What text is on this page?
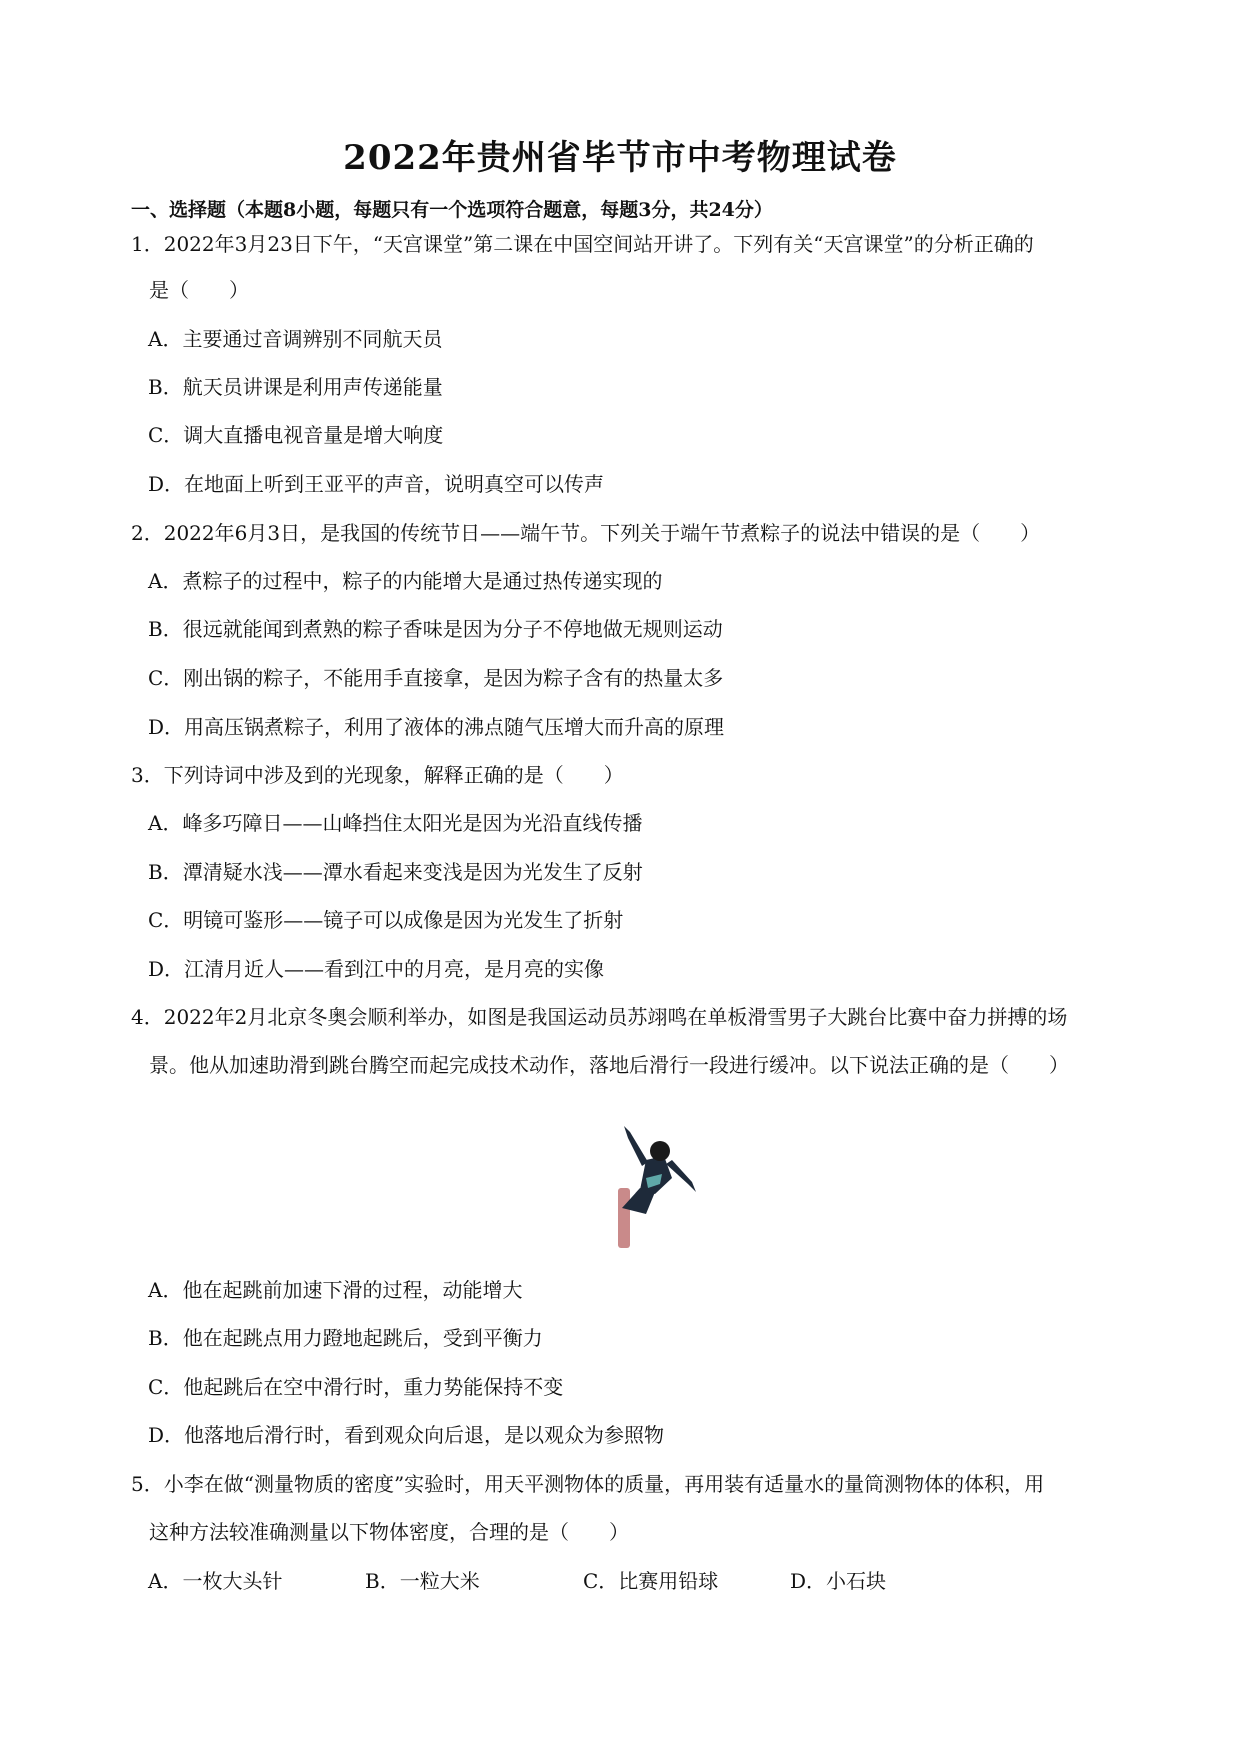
2022年贵州省毕节市中考物理试卷
一、选择题（本题8小题，每题只有一个选项符合题意，每题3分，共24分）
1．2022年3月23日下午，“天宫课堂”第二课在中国空间站开讲了。下列有关“天宫课堂”的分析正确的
是（　　）
A．主要通过音调辨别不同航天员
B．航天员讲课是利用声传递能量
C．调大直播电视音量是增大响度
D．在地面上听到王亚平的声音，说明真空可以传声
2．2022年6月3日，是我国的传统节日——端午节。下列关于端午节煮粽子的说法中错误的是（　　）
A．煮粽子的过程中，粽子的内能增大是通过热传递实现的
B．很远就能闻到煮熟的粽子香味是因为分子不停地做无规则运动
C．刚出锅的粽子，不能用手直接拿，是因为粽子含有的热量太多
D．用高压锅煮粽子，利用了液体的沸点随气压增大而升高的原理
3．下列诗词中涉及到的光现象，解释正确的是（　　）
A．峰多巧障日——山峰挡住太阳光是因为光沿直线传播
B．潭清疑水浅——潭水看起来变浅是因为光发生了反射
C．明镜可鉴形——镜子可以成像是因为光发生了折射
D．江清月近人——看到江中的月亮，是月亮的实像
4．2022年2月北京冬奥会顺利举办，如图是我国运动员苏翊鸣在单板滑雪男子大跳台比赛中奋力拼搏的场
景。他从加速助滑到跳台腾空而起完成技术动作，落地后滑行一段进行缓冲。以下说法正确的是（　　）
A．他在起跳前加速下滑的过程，动能增大
B．他在起跳点用力蹬地起跳后，受到平衡力
C．他起跳后在空中滑行时，重力势能保持不变
D．他落地后滑行时，看到观众向后退，是以观众为参照物
5．小李在做“测量物质的密度”实验时，用天平测物体的质量，再用装有适量水的量筒测物体的体积，用
这种方法较准确测量以下物体密度，合理的是（　　）
A．一枚大头针	B．一粒大米	C．比赛用铅球	D．小石块
